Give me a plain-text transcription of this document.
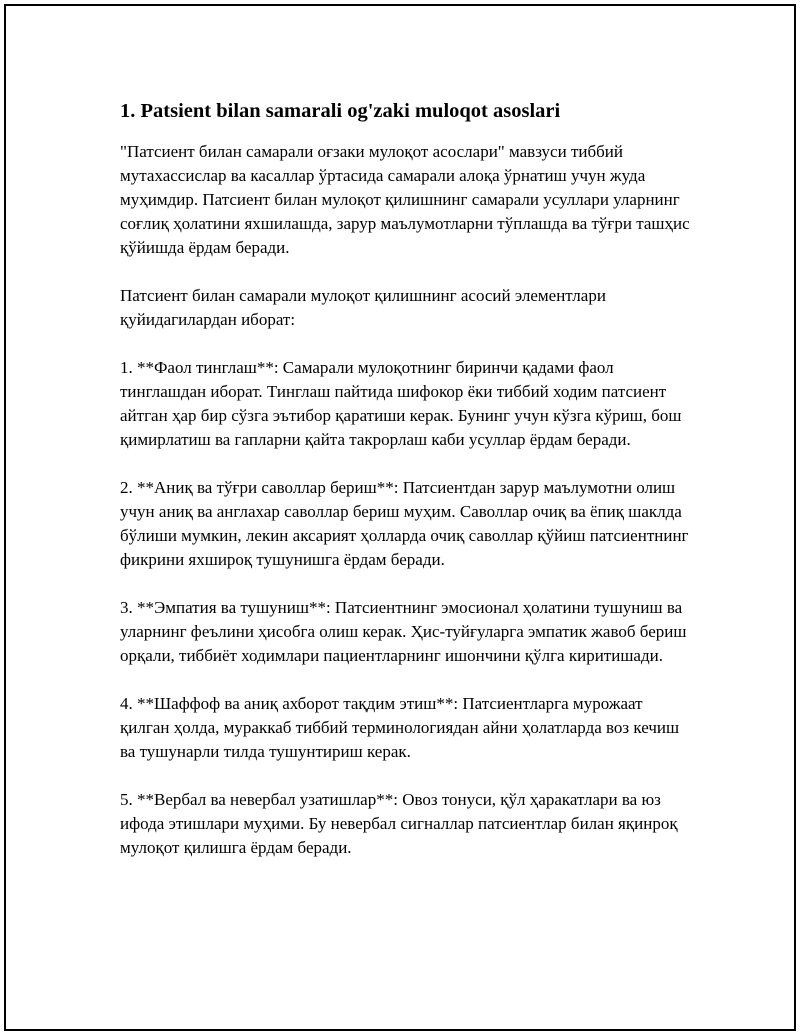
1. Patsient bilan samarali og'zaki muloqot asoslari

"Патсиент билан самарали оғзаки мулоқот асослари" мавзуси тиббий мутахассислар ва касаллар ўртасида самарали алоқа ўрнатиш учун жуда муҳимдир. Патсиент билан мулоқот қилишнинг самарали усуллари уларнинг соғлиқ ҳолатини яхшилашда, зарур маълумотларни тўплашда ва тўғри ташҳис қўйишда ёрдам беради.

Патсиент билан самарали мулоқот қилишнинг асосий элементлари қуйидагилардан иборат:

1. **Фаол тинглаш**: Самарали мулоқотнинг биринчи қадами фаол тинглашдан иборат. Тинглаш пайтида шифокор ёки тиббий ходим патсиент айтган ҳар бир сўзга эътибор қаратиши керак. Бунинг учун кўзга кўриш, бош қимирлатиш ва гапларни қайта такрорлаш каби усуллар ёрдам беради.

2. **Аниқ ва тўғри саволлар бериш**: Патсиентдан зарур маълумотни олиш учун аниқ ва англахар саволлар бериш муҳим. Саволлар очиқ ва ёпиқ шаклда бўлиши мумкин, лекин аксарият ҳолларда очиқ саволлар қўйиш патсиентнинг фикрини яхшироқ тушунишга ёрдам беради.

3. **Эмпатия ва тушуниш**: Патсиентнинг эмосионал ҳолатини тушуниш ва уларнинг феълини ҳисобга олиш керак. Ҳис-туйғуларга эмпатик жавоб бериш орқали, тиббиёт ходимлари пациентларнинг ишончини қўлга киритишади.

4. **Шаффоф ва аниқ ахборот тақдим этиш**: Патсиентларга мурожаат қилган ҳолда, мураккаб тиббий терминологиядан айни ҳолатларда воз кечиш ва тушунарли тилда тушунтириш керак.

5. **Вербал ва невербал узатишлар**: Овоз тонуси, қўл ҳаракатлари ва юз ифода этишлари муҳими. Бу невербал сигналлар патсиентлар билан яқинроқ мулоқот қилишга ёрдам беради.
